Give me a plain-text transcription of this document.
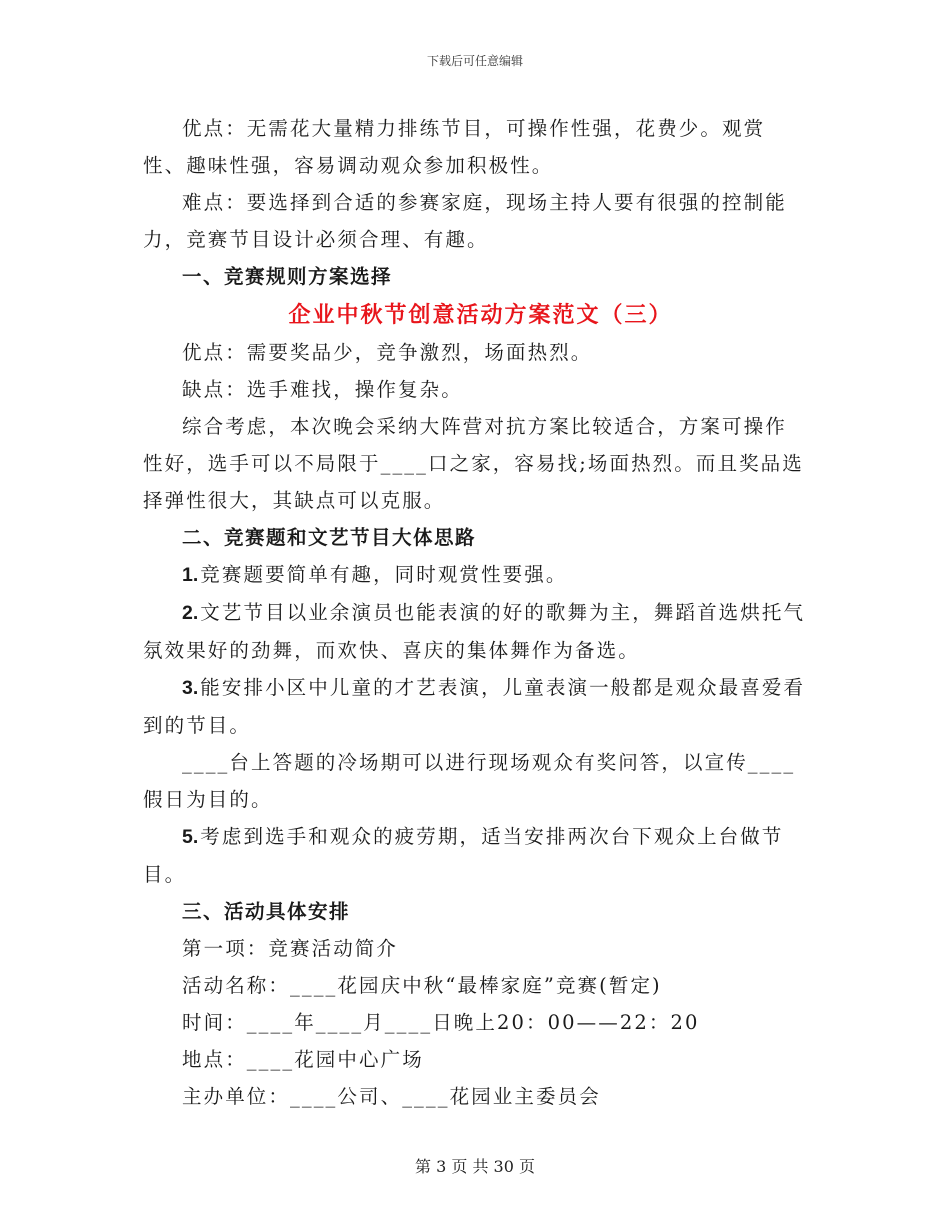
下载后可任意编辑

优点：无需花大量精力排练节目，可操作性强，花费少。观赏性、趣味性强，容易调动观众参加积极性。

难点：要选择到合适的参赛家庭，现场主持人要有很强的控制能力，竞赛节目设计必须合理、有趣。

一、竞赛规则方案选择

企业中秋节创意活动方案范文（三）

优点：需要奖品少，竞争激烈，场面热烈。

缺点：选手难找，操作复杂。

综合考虑，本次晚会采纳大阵营对抗方案比较适合，方案可操作性好，选手可以不局限于____口之家，容易找;场面热烈。而且奖品选择弹性很大，其缺点可以克服。

二、竞赛题和文艺节目大体思路

1. 竞赛题要简单有趣，同时观赏性要强。

2. 文艺节目以业余演员也能表演的好的歌舞为主，舞蹈首选烘托气氛效果好的劲舞，而欢快、喜庆的集体舞作为备选。

3. 能安排小区中儿童的才艺表演，儿童表演一般都是观众最喜爱看到的节目。

____台上答题的冷场期可以进行现场观众有奖问答，以宣传____假日为目的。

5. 考虑到选手和观众的疲劳期，适当安排两次台下观众上台做节目。

三、活动具体安排

第一项：竞赛活动简介

活动名称：____花园庆中秋“最棒家庭”竞赛(暂定)

时间：____年____月____日晚上20：00——22：20

地点：____花园中心广场

主办单位：____公司、____花园业主委员会

第 3 页 共 30 页
